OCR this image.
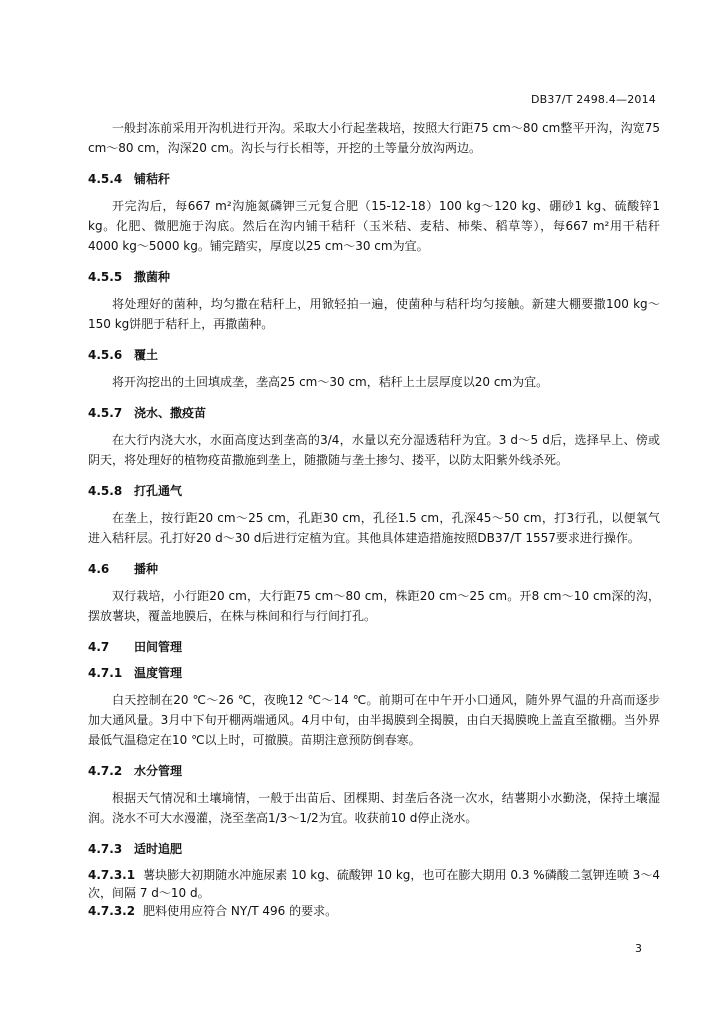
DB37/T 2498.4—2014

一般封冻前采用开沟机进行开沟。采取大小行起垄栽培，按照大行距75 cm～80 cm整平开沟，沟宽75 cm～80 cm，沟深20 cm。沟长与行长相等，开挖的土等量分放沟两边。

4.5.4 铺秸秆

开完沟后，每667 m²沟施氮磷钾三元复合肥（15-12-18）100 kg～120 kg、硼砂1 kg、硫酸锌1 kg。化肥、微肥施于沟底。然后在沟内铺干秸秆（玉米秸、麦秸、柿柴、稻草等），每667 m²用干秸秆4000 kg～5000 kg。铺完踏实，厚度以25 cm～30 cm为宜。

4.5.5 撒菌种

将处理好的菌种，均匀撒在秸秆上，用锨轻拍一遍，使菌种与秸秆均匀接触。新建大棚要撒100 kg～150 kg饼肥于秸秆上，再撒菌种。

4.5.6 覆土

将开沟挖出的土回填成垄，垄高25 cm～30 cm，秸秆上土层厚度以20 cm为宜。

4.5.7 浇水、撒疫苗

在大行内浇大水，水面高度达到垄高的3/4，水量以充分湿透秸秆为宜。3 d～5 d后，选择早上、傍或阴天，将处理好的植物疫苗撒施到垄上，随撒随与垄土掺匀、搂平，以防太阳紫外线杀死。

4.5.8 打孔通气

在垄上，按行距20 cm～25 cm，孔距30 cm，孔径1.5 cm，孔深45～50 cm，打3行孔，以便氧气进入秸秆层。孔打好20 d～30 d后进行定植为宜。其他具体建造措施按照DB37/T 1557要求进行操作。

4.6 播种

双行栽培，小行距20 cm，大行距75 cm～80 cm，株距20 cm～25 cm。开8 cm～10 cm深的沟，摆放薯块，覆盖地膜后，在株与株间和行与行间打孔。

4.7 田间管理
4.7.1 温度管理

白天控制在20 ℃～26 ℃，夜晚12 ℃～14 ℃。前期可在中午开小口通风，随外界气温的升高而逐步加大通风量。3月中下旬开棚两端通风。4月中旬，由半揭膜到全揭膜，由白天揭膜晚上盖直至撤棚。当外界最低气温稳定在10 ℃以上时，可撤膜。苗期注意预防倒春寒。

4.7.2 水分管理

根据天气情况和土壤墒情，一般于出苗后、团棵期、封垄后各浇一次水，结薯期小水勤浇，保持土壤湿润。浇水不可大水漫灌，浇至垄高1/3～1/2为宜。收获前10 d停止浇水。

4.7.3 适时追肥

4.7.3.1 薯块膨大初期随水冲施尿素 10 kg、硫酸钾 10 kg，也可在膨大期用 0.3 %磷酸二氢钾连喷 3～4 次，间隔 7 d～10 d。

4.7.3.2 肥料使用应符合 NY/T 496 的要求。

3
